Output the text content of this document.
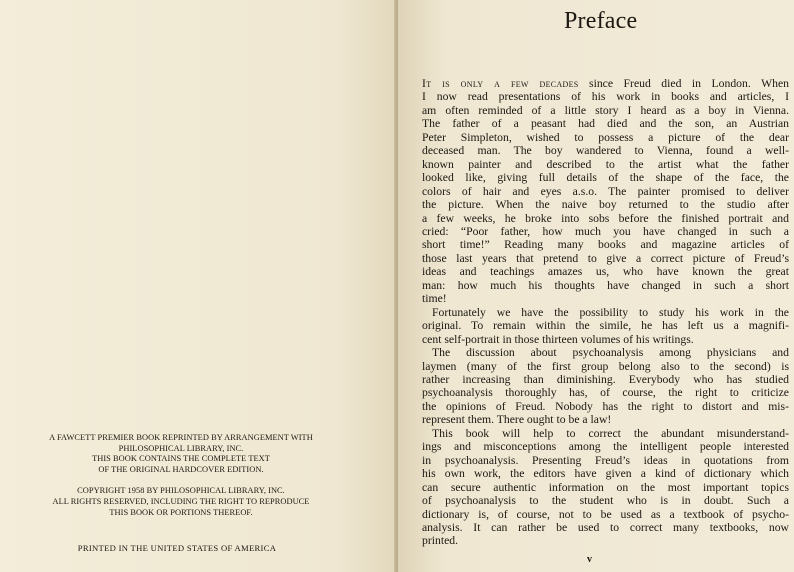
A FAWCETT PREMIER BOOK REPRINTED BY ARRANGEMENT WITH
PHILOSOPHICAL LIBRARY, INC.
THIS BOOK CONTAINS THE COMPLETE TEXT
OF THE ORIGINAL HARDCOVER EDITION.
COPYRIGHT 1958 BY PHILOSOPHICAL LIBRARY, INC.
ALL RIGHTS RESERVED, INCLUDING THE RIGHT TO REPRODUCE
THIS BOOK OR PORTIONS THEREOF.
PRINTED IN THE UNITED STATES OF AMERICA
Preface
It is only a few decades since Freud died in London. When
I now read presentations of his work in books and articles, I
am often reminded of a little story I heard as a boy in Vienna.
The father of a peasant had died and the son, an Austrian
Peter Simpleton, wished to possess a picture of the dear
deceased man. The boy wandered to Vienna, found a well-
known painter and described to the artist what the father
looked like, giving full details of the shape of the face, the
colors of hair and eyes a.s.o. The painter promised to deliver
the picture. When the naive boy returned to the studio after
a few weeks, he broke into sobs before the finished portrait and
cried: “Poor father, how much you have changed in such a
short time!” Reading many books and magazine articles of
those last years that pretend to give a correct picture of Freud’s
ideas and teachings amazes us, who have known the great
man: how much his thoughts have changed in such a short
time!
Fortunately we have the possibility to study his work in the
original. To remain within the simile, he has left us a magnifi-
cent self-portrait in those thirteen volumes of his writings.
The discussion about psychoanalysis among physicians and
laymen (many of the first group belong also to the second) is
rather increasing than diminishing. Everybody who has studied
psychoanalysis thoroughly has, of course, the right to criticize
the opinions of Freud. Nobody has the right to distort and mis-
represent them. There ought to be a law!
This book will help to correct the abundant misunderstand-
ings and misconceptions among the intelligent people interested
in psychoanalysis. Presenting Freud’s ideas in quotations from
his own work, the editors have given a kind of dictionary which
can secure authentic information on the most important topics
of psychoanalysis to the student who is in doubt. Such a
dictionary is, of course, not to be used as a textbook of psycho-
analysis. It can rather be used to correct many textbooks, now
printed.
v
